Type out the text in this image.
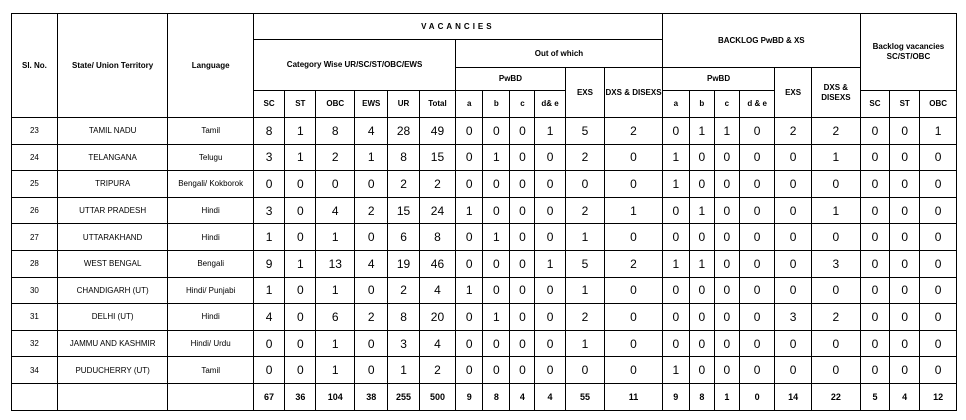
Sl. No.	State/ Union Territory	Language	VACANCIES												BACKLOG PwBD & XS						Backlog vacancies SC/ST/OBC		
			Category Wise UR/SC/ST/OBC/EWS						Out of which														
									PwBD				EXS	DXS & DISEXS	PwBD				EXS	DXS & DISEXS			
			SC	ST	OBC	EWS	UR	Total	a	b	c	d& e			a	b	c	d & e			SC	ST	OBC
23	TAMIL NADU	Tamil	8	1	8	4	28	49	0	0	0	1	5	2	0	1	1	0	2	2	0	0	1
24	TELANGANA	Telugu	3	1	2	1	8	15	0	1	0	0	2	0	1	0	0	0	0	1	0	0	0
25	TRIPURA	Bengali/ Kokborok	0	0	0	0	2	2	0	0	0	0	0	0	1	0	0	0	0	0	0	0	0
26	UTTAR PRADESH	Hindi	3	0	4	2	15	24	1	0	0	0	2	1	0	1	0	0	0	1	0	0	0
27	UTTARAKHAND	Hindi	1	0	1	0	6	8	0	1	0	0	1	0	0	0	0	0	0	0	0	0	0
28	WEST BENGAL	Bengali	9	1	13	4	19	46	0	0	0	1	5	2	1	1	0	0	0	3	0	0	0
30	CHANDIGARH (UT)	Hindi/ Punjabi	1	0	1	0	2	4	1	0	0	0	1	0	0	0	0	0	0	0	0	0	0
31	DELHI (UT)	Hindi	4	0	6	2	8	20	0	1	0	0	2	0	0	0	0	0	3	2	0	0	0
32	JAMMU AND KASHMIR	Hindi/ Urdu	0	0	1	0	3	4	0	0	0	0	1	0	0	0	0	0	0	0	0	0	0
34	PUDUCHERRY (UT)	Tamil	0	0	1	0	1	2	0	0	0	0	0	0	1	0	0	0	0	0	0	0	0
			67	36	104	38	255	500	9	8	4	4	55	11	9	8	1	0	14	22	5	4	12
